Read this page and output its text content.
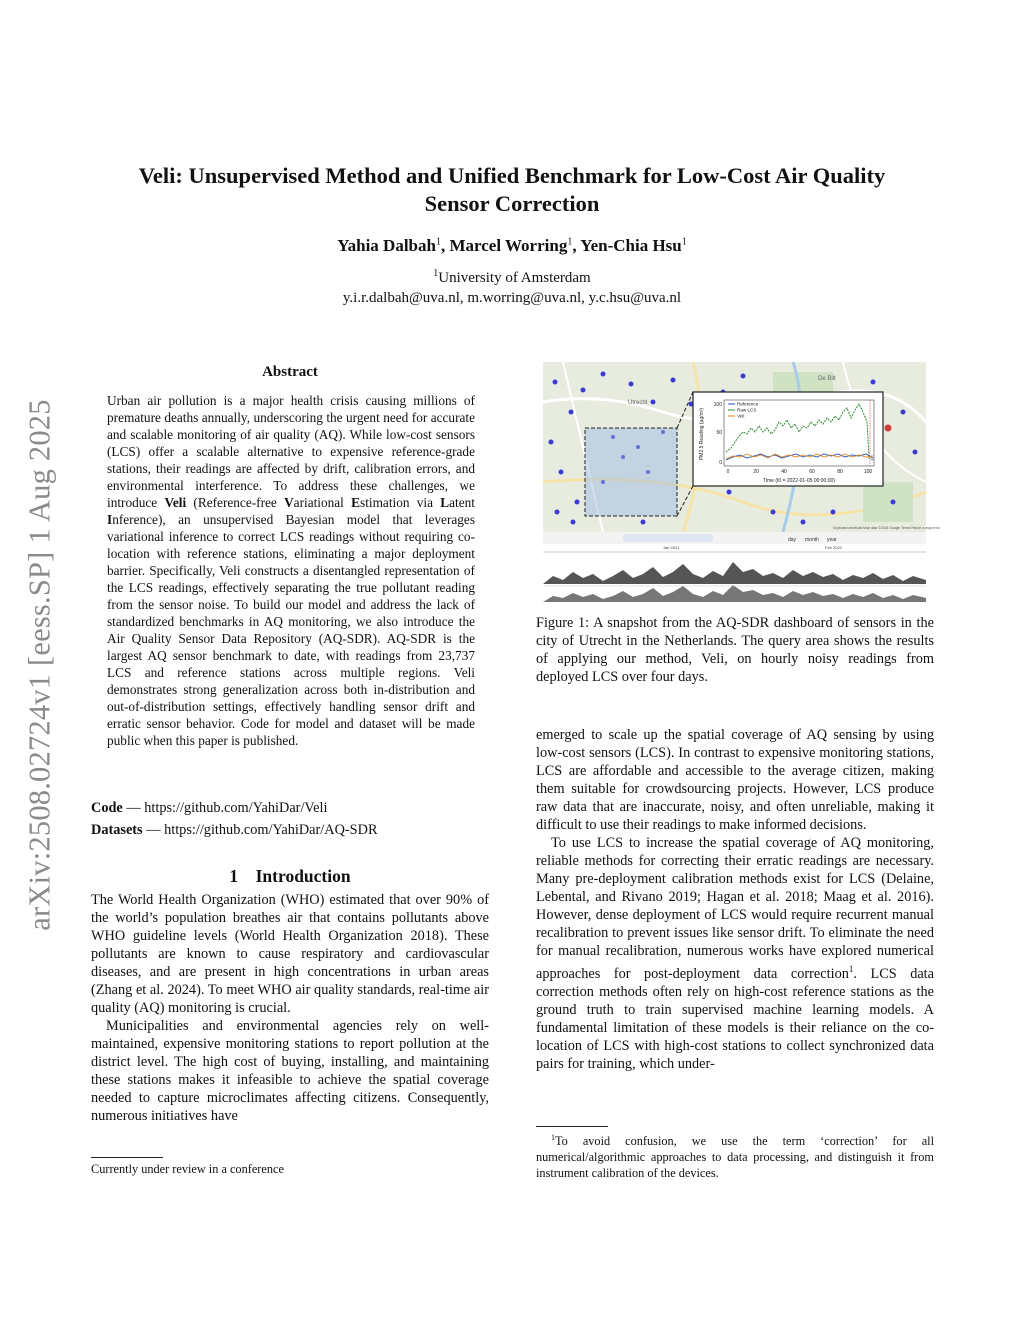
Veli: Unsupervised Method and Unified Benchmark for Low-Cost Air Quality
Sensor Correction
Yahia Dalbah$^1$, Marcel Worring$^1$, Yen-Chia Hsu$^1$
$^1$University of Amsterdam
y.i.r.dalbah@uva.nl, m.worring@uva.nl, y.c.hsu@uva.nl
arXiv:2508.02724v1 [eess.SP] 1 Aug 2025
Abstract
Urban air pollution is a major health crisis causing millions of premature deaths annually, underscoring the urgent need for accurate and scalable monitoring of air quality (AQ). While low-cost sensors (LCS) offer a scalable alternative to expensive reference-grade stations, their readings are affected by drift, calibration errors, and environmental interference. To address these challenges, we introduce Veli (Reference-free Variational Estimation via Latent Inference), an unsupervised Bayesian model that leverages variational inference to correct LCS readings without requiring co-location with reference stations, eliminating a major deployment barrier. Specifically, Veli constructs a disentangled representation of the LCS readings, effectively separating the true pollutant reading from the sensor noise. To build our model and address the lack of standardized benchmarks in AQ monitoring, we also introduce the Air Quality Sensor Data Repository (AQ-SDR). AQ-SDR is the largest AQ sensor benchmark to date, with readings from 23,737 LCS and reference stations across multiple regions. Veli demonstrates strong generalization across both in-distribution and out-of-distribution settings, effectively handling sensor drift and erratic sensor behavior. Code for model and dataset will be made public when this paper is published.
Code — https://github.com/YahiDar/Veli
Datasets — https://github.com/YahiDar/AQ-SDR
1 Introduction

The World Health Organization (WHO) estimated that over 90% of the world’s population breathes air that contains pollutants above WHO guideline levels (World Health Organization 2018). These pollutants are known to cause respiratory and cardiovascular diseases, and are present in high concentrations in urban areas (Zhang et al. 2024). To meet WHO air quality standards, real-time air quality (AQ) monitoring is crucial.

Municipalities and environmental agencies rely on well-maintained, expensive monitoring stations to report pollution at the district level. The high cost of buying, installing, and maintaining these stations makes it infeasible to achieve the spatial coverage needed to capture microclimates affecting citizens. Consequently, numerous initiatives have

Currently under review in a conference
De Bilt
Utrecht
PM2.5 Reading (µg/m³)
Time (t0 = 2022-01-05 00:00:00)
100
50
0
0	20	40	60	80	100
Reference
Raw LCS
Veli
Keyboard shortcuts Map data ©2024 Google Terms Report a map error
day month year
Jan 2021	Feb 2022
Figure 1: A snapshot from the AQ-SDR dashboard of sensors in the city of Utrecht in the Netherlands. The query area shows the results of applying our method, Veli, on hourly noisy readings from deployed LCS over four days.

emerged to scale up the spatial coverage of AQ sensing by using low-cost sensors (LCS). In contrast to expensive monitoring stations, LCS are affordable and accessible to the average citizen, making them suitable for crowdsourcing projects. However, LCS produce raw data that are inaccurate, noisy, and often unreliable, making it difficult to use their readings to make informed decisions.

To use LCS to increase the spatial coverage of AQ monitoring, reliable methods for correcting their erratic readings are necessary. Many pre-deployment calibration methods exist for LCS (Delaine, Lebental, and Rivano 2019; Hagan et al. 2018; Maag et al. 2016). However, dense deployment of LCS would require recurrent manual recalibration to prevent issues like sensor drift. To eliminate the need for manual recalibration, numerous works have explored numerical approaches for post-deployment data correction$^1$. LCS data correction methods often rely on high-cost reference stations as the ground truth to train supervised machine learning models. A fundamental limitation of these models is their reliance on the co-location of LCS with high-cost stations to collect synchronized data pairs for training, which under-

$^1$To avoid confusion, we use the term ‘correction’ for all numerical/algorithmic approaches to data processing, and distinguish it from instrument calibration of the devices.
